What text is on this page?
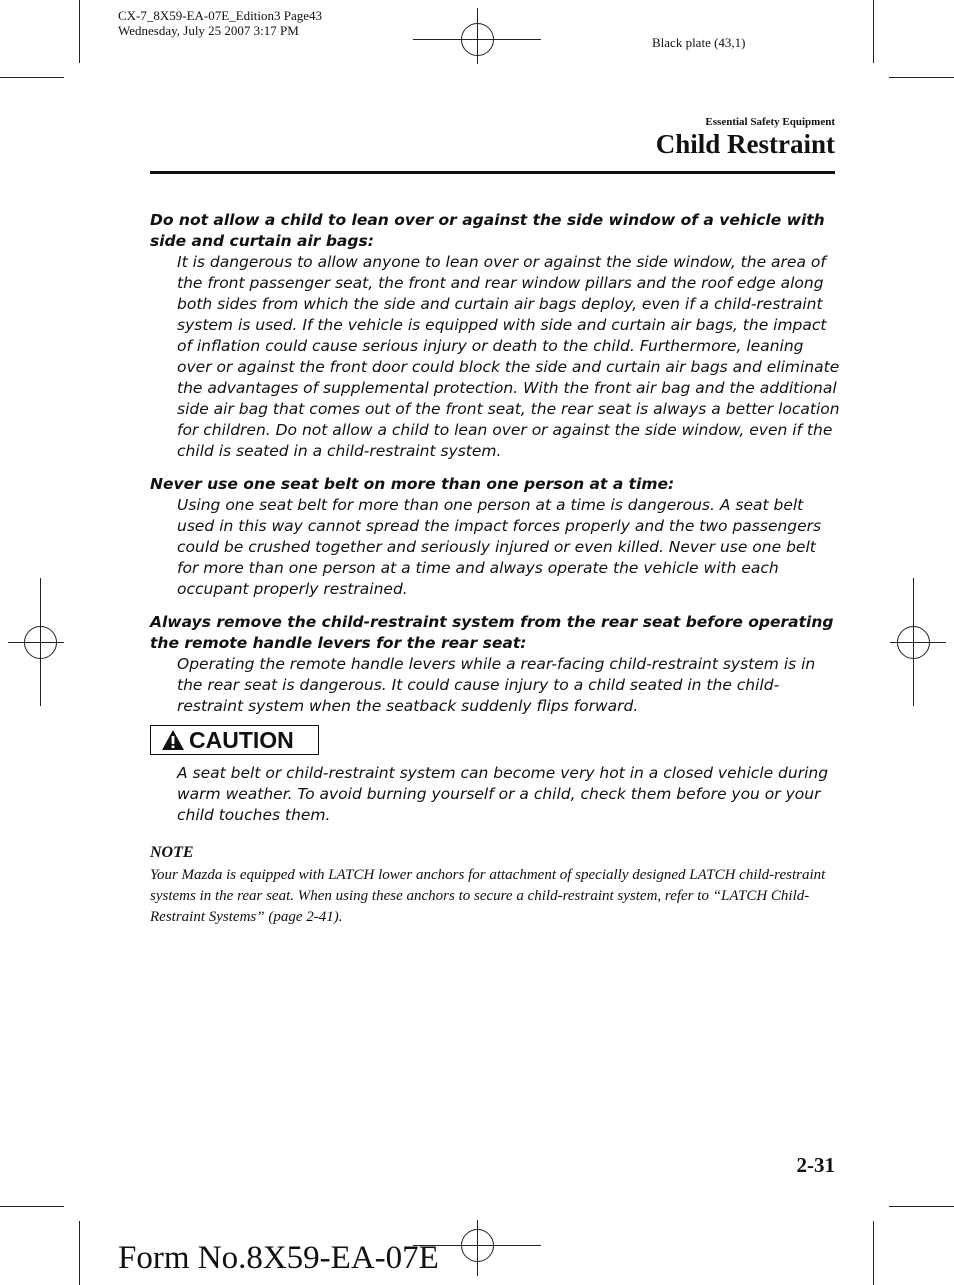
CX-7_8X59-EA-07E_Edition3 Page43
Wednesday, July 25 2007 3:17 PM
Black plate (43,1)
Essential Safety Equipment
Child Restraint

Do not allow a child to lean over or against the side window of a vehicle with side and curtain air bags:

It is dangerous to allow anyone to lean over or against the side window, the area of the front passenger seat, the front and rear window pillars and the roof edge along both sides from which the side and curtain air bags deploy, even if a child-restraint system is used. If the vehicle is equipped with side and curtain air bags, the impact of inflation could cause serious injury or death to the child. Furthermore, leaning over or against the front door could block the side and curtain air bags and eliminate the advantages of supplemental protection. With the front air bag and the additional side air bag that comes out of the front seat, the rear seat is always a better location for children. Do not allow a child to lean over or against the side window, even if the child is seated in a child-restraint system.

Never use one seat belt on more than one person at a time:

Using one seat belt for more than one person at a time is dangerous. A seat belt used in this way cannot spread the impact forces properly and the two passengers could be crushed together and seriously injured or even killed. Never use one belt for more than one person at a time and always operate the vehicle with each occupant properly restrained.

Always remove the child-restraint system from the rear seat before operating the remote handle levers for the rear seat:

Operating the remote handle levers while a rear-facing child-restraint system is in the rear seat is dangerous. It could cause injury to a child seated in the child-restraint system when the seatback suddenly flips forward.

CAUTION

A seat belt or child-restraint system can become very hot in a closed vehicle during warm weather. To avoid burning yourself or a child, check them before you or your child touches them.

NOTE

Your Mazda is equipped with LATCH lower anchors for attachment of specially designed LATCH child-restraint systems in the rear seat. When using these anchors to secure a child-restraint system, refer to “LATCH Child-Restraint Systems” (page 2-41).

2-31
Form No.8X59-EA-07E
